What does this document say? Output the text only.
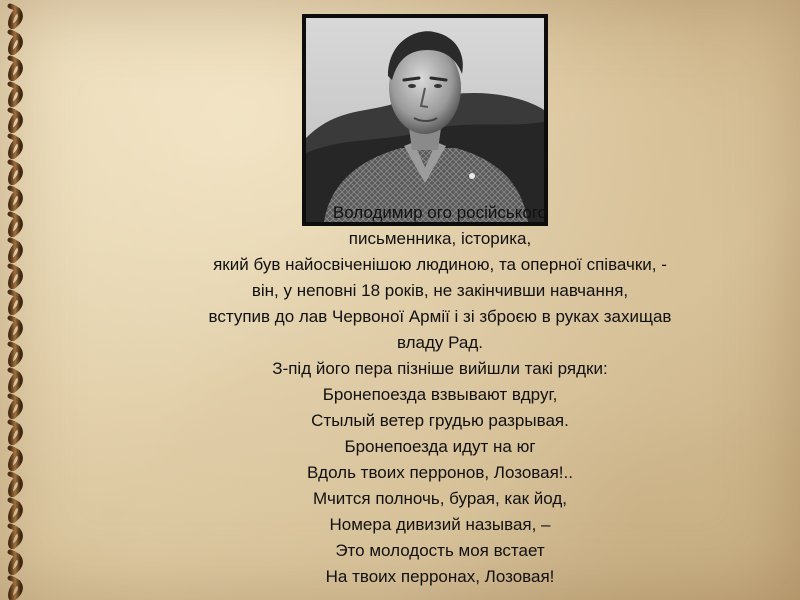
Володимир ого російського
письменника, історика,
який був найосвіченішою людиною, та оперної співачки, -
він, у неповні 18 років, не закінчивши навчання,
вступив до лав Червоної Армії і зі зброєю в руках захищав
владу Рад.
З-під його пера пізніше вийшли такі рядки:
Бронепоезда взвывают вдруг,
Стылый ветер грудью разрывая.
Бронепоезда идут на юг
Вдоль твоих перронов, Лозовая!..
Мчится полночь, бурая, как йод,
Номера дивизий называя, –
Это молодость моя встает
На твоих перронах, Лозовая!
